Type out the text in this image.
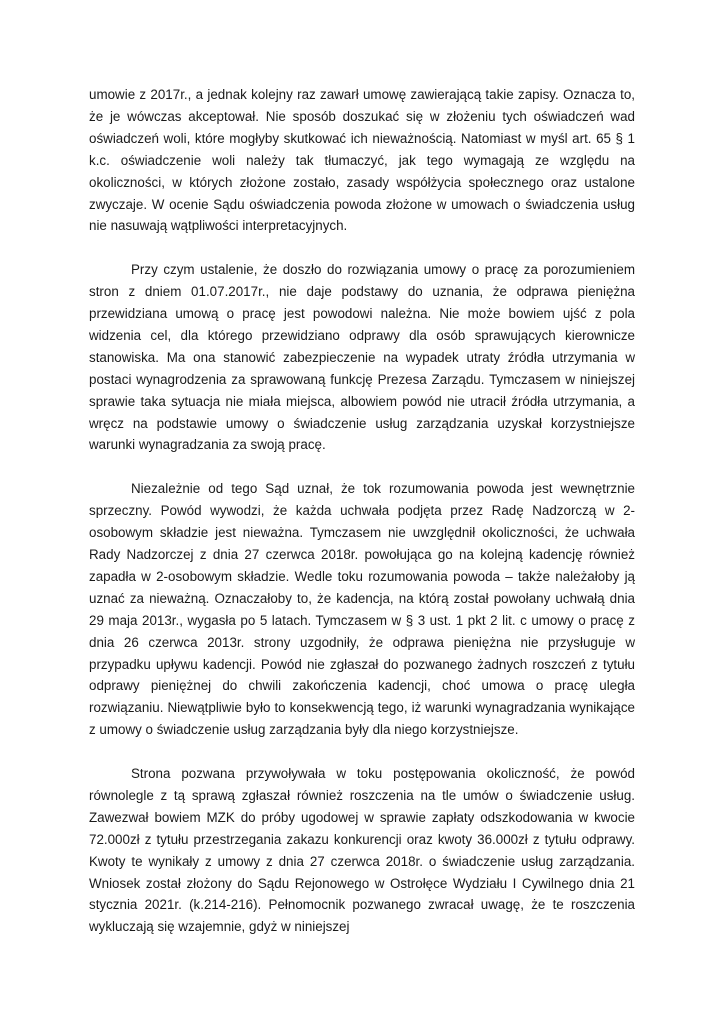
umowie z 2017r., a jednak kolejny raz zawarł umowę zawierającą takie zapisy. Oznacza to, że je wówczas akceptował. Nie sposób doszukać się w złożeniu tych oświadczeń wad oświadczeń woli, które mogłyby skutkować ich nieważnością. Natomiast w myśl art. 65 § 1 k.c. oświadczenie woli należy tak tłumaczyć, jak tego wymagają ze względu na okoliczności, w których złożone zostało, zasady współżycia społecznego oraz ustalone zwyczaje. W ocenie Sądu oświadczenia powoda złożone w umowach o świadczenia usług nie nasuwają wątpliwości interpretacyjnych.

Przy czym ustalenie, że doszło do rozwiązania umowy o pracę za porozumieniem stron z dniem 01.07.2017r., nie daje podstawy do uznania, że odprawa pieniężna przewidziana umową o pracę jest powodowi należna. Nie może bowiem ujść z pola widzenia cel, dla którego przewidziano odprawy dla osób sprawujących kierownicze stanowiska. Ma ona stanowić zabezpieczenie na wypadek utraty źródła utrzymania w postaci wynagrodzenia za sprawowaną funkcję Prezesa Zarządu. Tymczasem w niniejszej sprawie taka sytuacja nie miała miejsca, albowiem powód nie utracił źródła utrzymania, a wręcz na podstawie umowy o świadczenie usług zarządzania uzyskał korzystniejsze warunki wynagradzania za swoją pracę.

Niezależnie od tego Sąd uznał, że tok rozumowania powoda jest wewnętrznie sprzeczny. Powód wywodzi, że każda uchwała podjęta przez Radę Nadzorczą w 2-osobowym składzie jest nieważna. Tymczasem nie uwzględnił okoliczności, że uchwała Rady Nadzorczej z dnia 27 czerwca 2018r. powołująca go na kolejną kadencję również zapadła w 2-osobowym składzie. Wedle toku rozumowania powoda – także należałoby ją uznać za nieważną. Oznaczałoby to, że kadencja, na którą został powołany uchwałą dnia 29 maja 2013r., wygasła po 5 latach. Tymczasem w § 3 ust. 1 pkt 2 lit. c umowy o pracę z dnia 26 czerwca 2013r. strony uzgodniły, że odprawa pieniężna nie przysługuje w przypadku upływu kadencji. Powód nie zgłaszał do pozwanego żadnych roszczeń z tytułu odprawy pieniężnej do chwili zakończenia kadencji, choć umowa o pracę uległa rozwiązaniu. Niewątpliwie było to konsekwencją tego, iż warunki wynagradzania wynikające z umowy o świadczenie usług zarządzania były dla niego korzystniejsze.

Strona pozwana przywoływała w toku postępowania okoliczność, że powód równolegle z tą sprawą zgłaszał również roszczenia na tle umów o świadczenie usług. Zawezwał bowiem MZK do próby ugodowej w sprawie zapłaty odszkodowania w kwocie 72.000zł z tytułu przestrzegania zakazu konkurencji oraz kwoty 36.000zł z tytułu odprawy. Kwoty te wynikały z umowy z dnia 27 czerwca 2018r. o świadczenie usług zarządzania. Wniosek został złożony do Sądu Rejonowego w Ostrołęce Wydziału I Cywilnego dnia 21 stycznia 2021r. (k.214-216). Pełnomocnik pozwanego zwracał uwagę, że te roszczenia wykluczają się wzajemnie, gdyż w niniejszej
